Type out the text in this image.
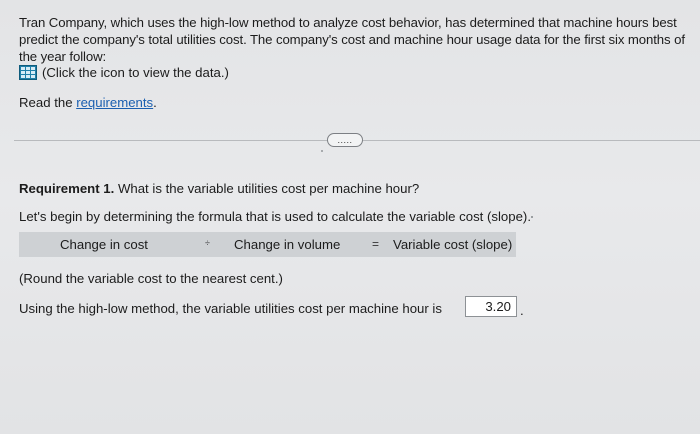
Tran Company, which uses the high-low method to analyze cost behavior, has determined that machine hours best predict the company's total utilities cost. The company's cost and machine hour usage data for the first six months of the year follow:
(Click the icon to view the data.)
Read the requirements.
.....
Requirement 1. What is the variable utilities cost per machine hour?
Let's begin by determining the formula that is used to calculate the variable cost (slope).
Change in cost	÷ Change in volume	= Variable cost (slope)
(Round the variable cost to the nearest cent.)
Using the high-low method, the variable utilities cost per machine hour is	3.20 .
